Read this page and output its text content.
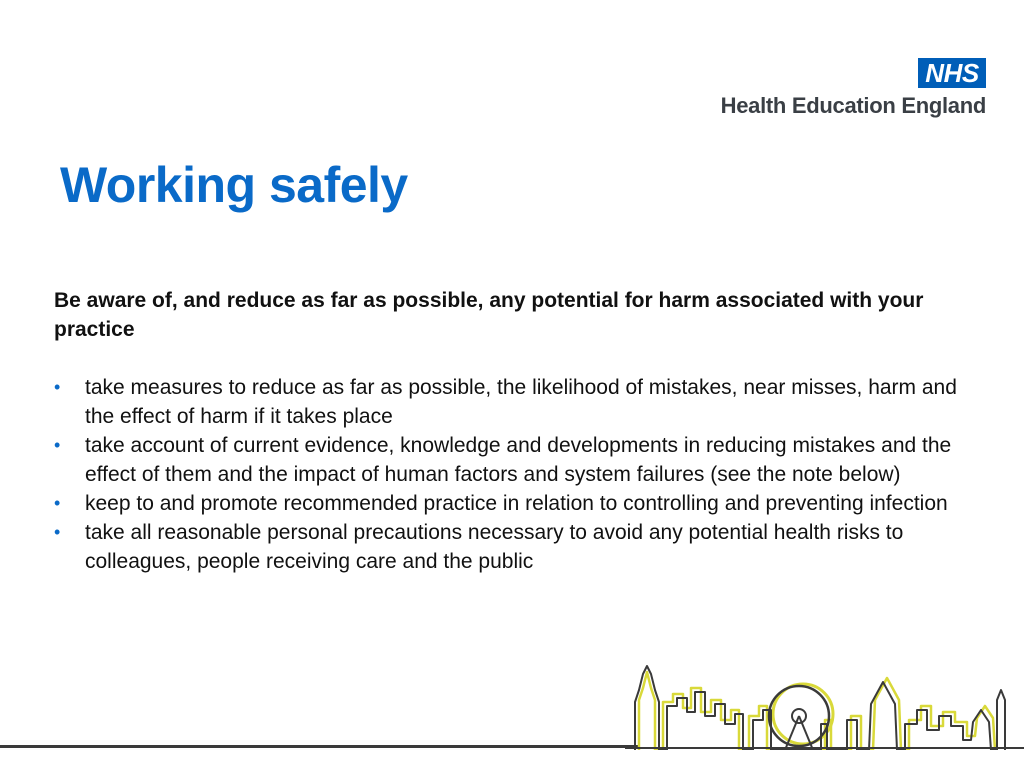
NHS
Health Education England
Working safely

Be aware of, and reduce as far as possible, any potential for harm associated with your practice

• take measures to reduce as far as possible, the likelihood of mistakes, near misses, harm and the effect of harm if it takes place
• take account of current evidence, knowledge and developments in reducing mistakes and the effect of them and the impact of human factors and system failures (see the note below)
• keep to and promote recommended practice in relation to controlling and preventing infection
• take all reasonable personal precautions necessary to avoid any potential health risks to colleagues, people receiving care and the public
